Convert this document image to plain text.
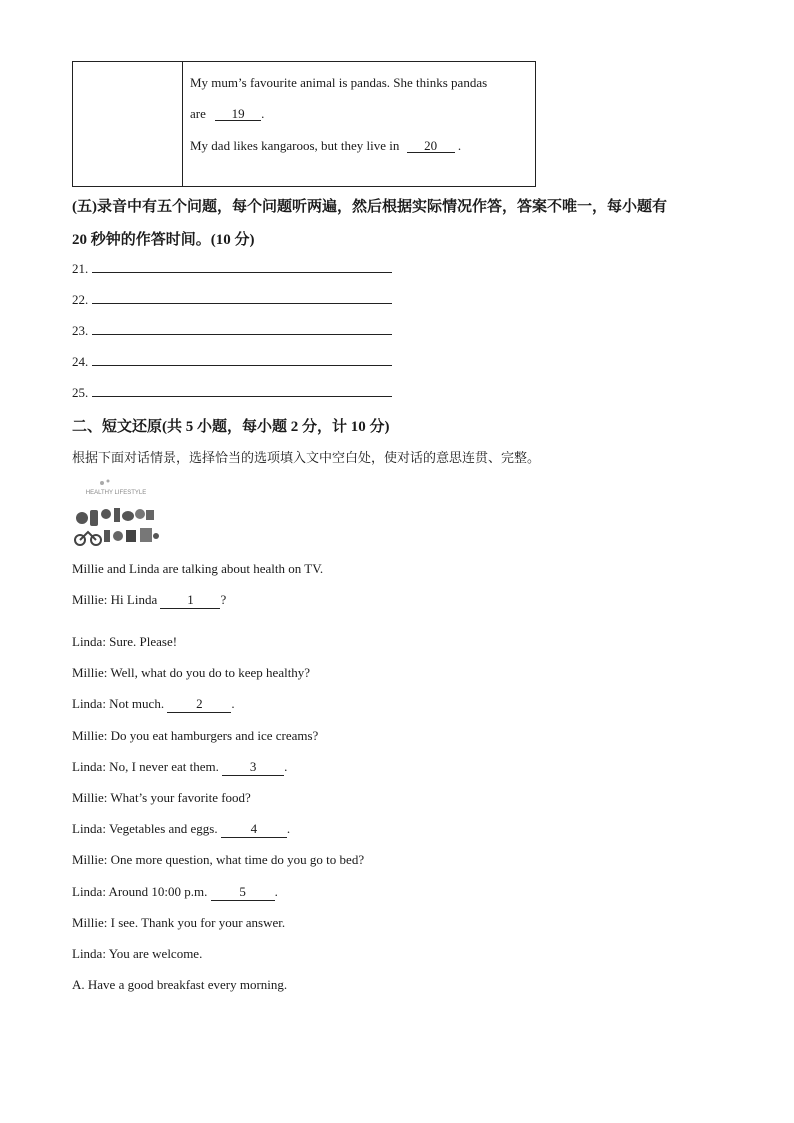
My mum’s favourite animal is pandas. She thinks pandas
are 19 .
My dad likes kangaroos, but they live in 20 .
(五)录音中有五个问题，每个问题听两遍，然后根据实际情况作答，答案不唯一，每小题有
20 秒钟的作答时间。(10 分)
21.
22.
23.
24.
25.
二、短文还原(共 5 小题，每小题 2 分，计 10 分)
根据下面对话情景，选择恰当的选项填入文中空白处，使对话的意思连贯、完整。
HEALTHY LIFESTYLE
Millie and Linda are talking about health on TV.
Millie: Hi Linda 1 ?
Linda: Sure. Please!
Millie: Well, what do you do to keep healthy?
Linda: Not much. 2 .
Millie: Do you eat hamburgers and ice creams?
Linda: No, I never eat them. 3 .
Millie: What’s your favorite food?
Linda: Vegetables and eggs. 4 .
Millie: One more question, what time do you go to bed?
Linda: Around 10:00 p.m. 5 .
Millie: I see. Thank you for your answer.
Linda: You are welcome.
A. Have a good breakfast every morning.
